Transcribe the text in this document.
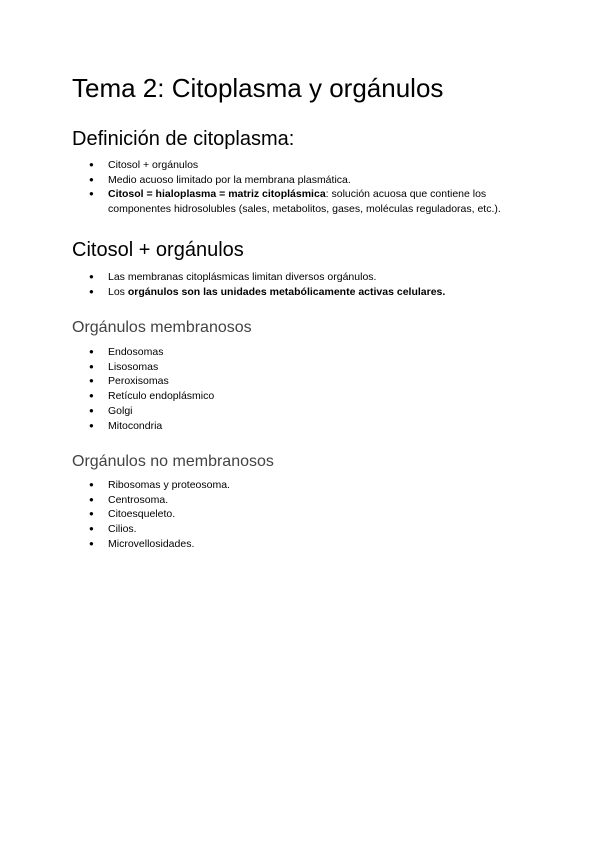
Tema 2: Citoplasma y orgánulos
Definición de citoplasma:
● Citosol + orgánulos
● Medio acuoso limitado por la membrana plasmática.
● Citosol = hialoplasma = matriz citoplásmica: solución acuosa que contiene los componentes hidrosolubles (sales, metabolitos, gases, moléculas reguladoras, etc.).
Citosol + orgánulos
● Las membranas citoplásmicas limitan diversos orgánulos.
● Los orgánulos son las unidades metabólicamente activas celulares.
Orgánulos membranosos
● Endosomas
● Lisosomas
● Peroxisomas
● Retículo endoplásmico
● Golgi
● Mitocondria
Orgánulos no membranosos
● Ribosomas y proteosoma.
● Centrosoma.
● Citoesqueleto.
● Cilios.
● Microvellosidades.
